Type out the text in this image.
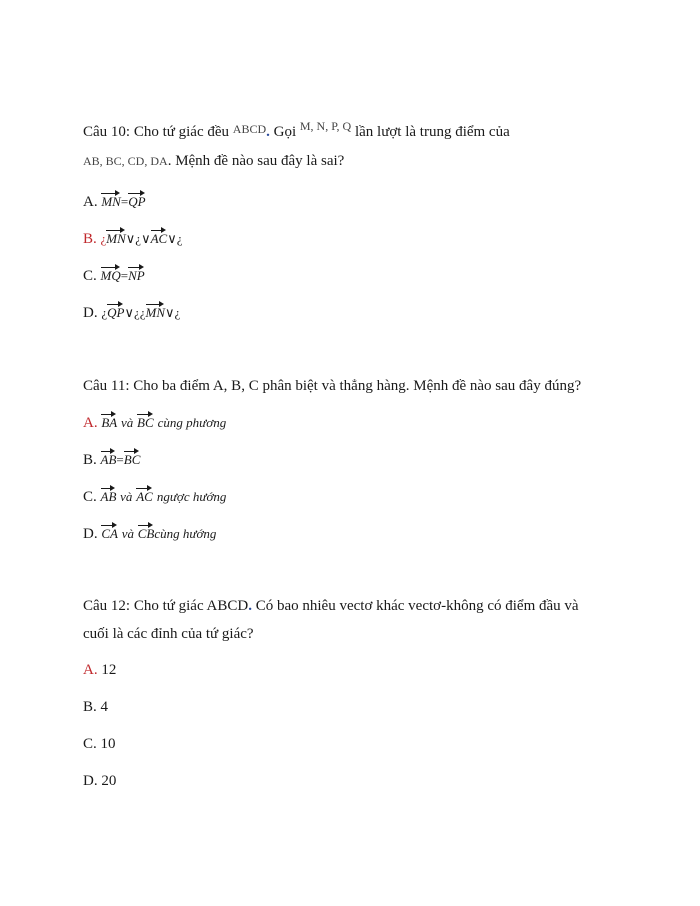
Câu 10: Cho tứ giác đều $^{ABCD}$. Gọi $^{M, N, P, Q}$ lần lượt là trung điểm của
AB, BC, CD, DA. Mệnh đề nào sau đây là sai?
A. MN=QP
B. ¿MN∨¿∨AC∨¿
C. MQ=NP
D. ¿QP∨¿¿MN∨¿
Câu 11: Cho ba điểm A, B, C phân biệt và thẳng hàng. Mệnh đề nào sau đây đúng?
A. BA và BC cùng phương
B. AB=BC
C. AB và AC ngược hướng
D. CA và CBcùng hướng
Câu 12: Cho tứ giác ABCD. Có bao nhiêu vectơ khác vectơ-không có điểm đầu và
cuối là các đỉnh của tứ giác?
A. 12
B. 4
C. 10
D. 20
